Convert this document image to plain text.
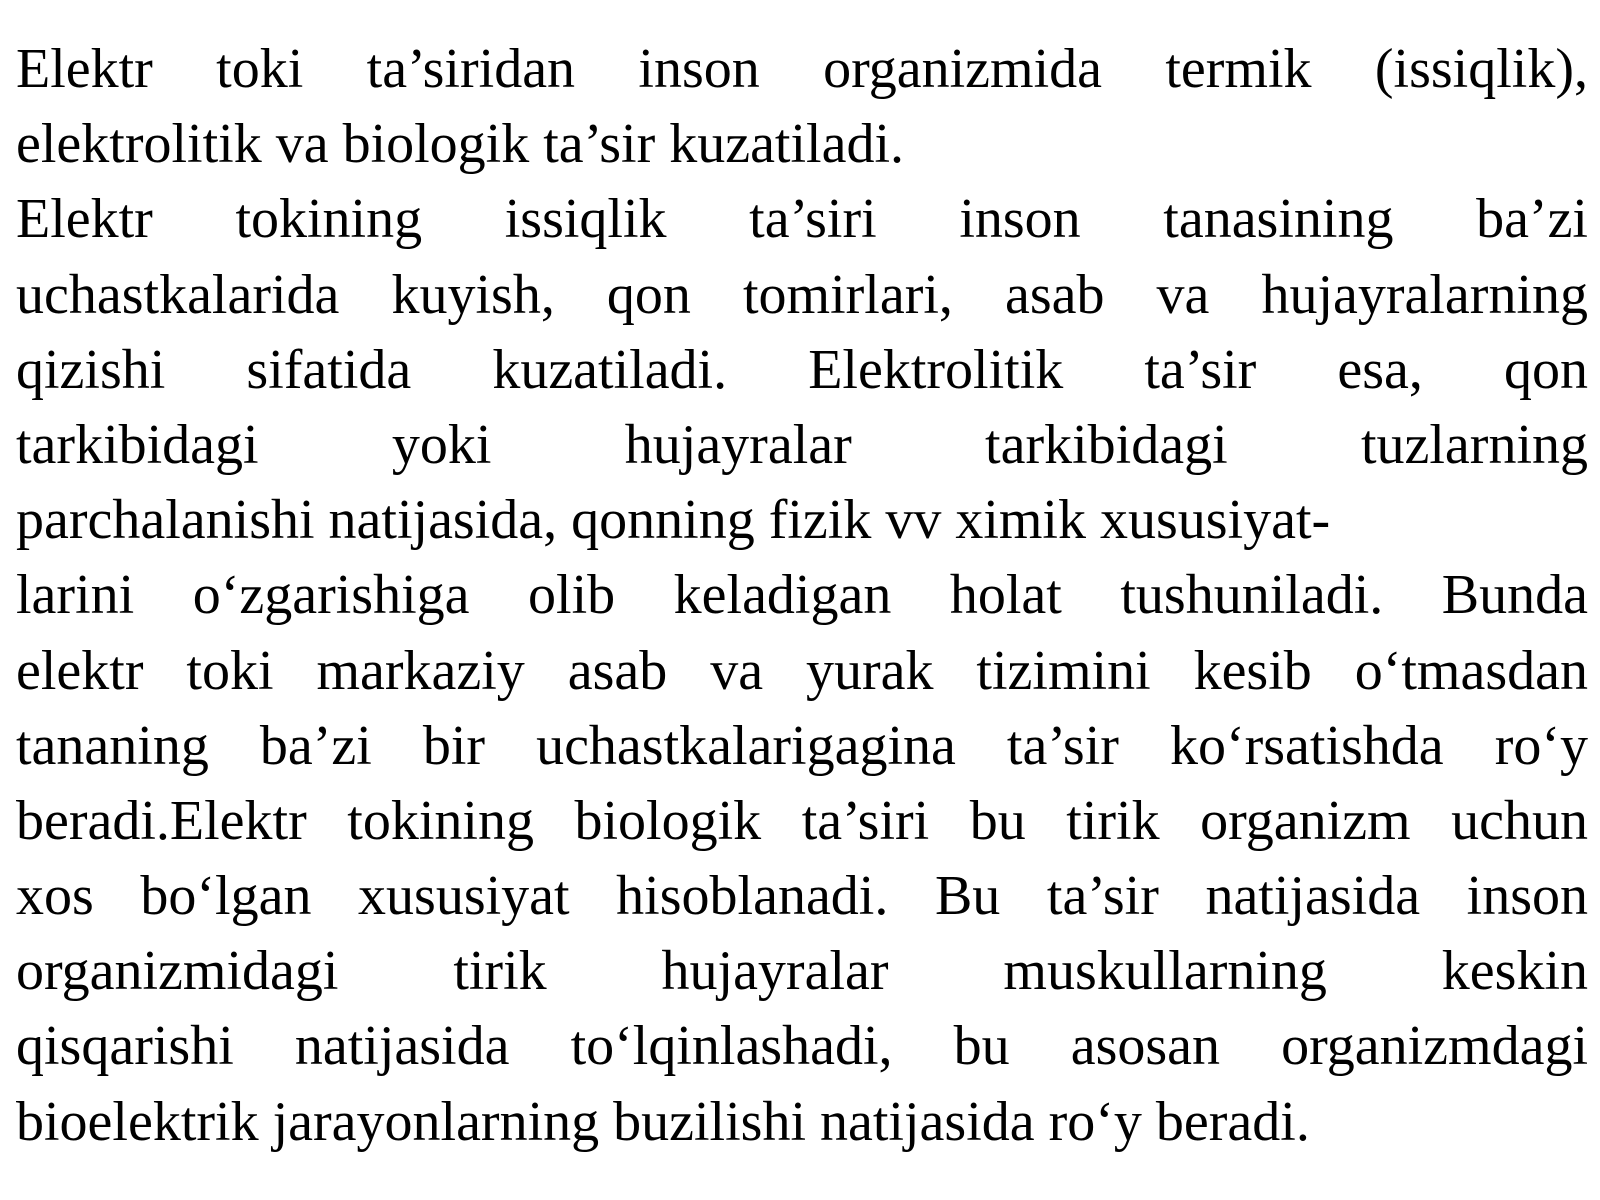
Elektr toki ta’siridan inson organizmida termik (issiqlik),
elektrolitik va biologik ta’sir kuzatiladi.
Elektr tokining issiqlik ta’siri inson tanasining ba’zi
uchastkalarida kuyish, qon tomirlari, asab va hujayralarning
qizishi sifatida kuzatiladi. Elektrolitik ta’sir esa, qon
tarkibidagi yoki hujayralar tarkibidagi tuzlarning
parchalanishi natijasida, qonning fizik vv ximik xususiyat-
larini o‘zgarishiga olib keladigan holat tushuniladi. Bunda
elektr toki markaziy asab va yurak tizimini kesib o‘tmasdan
tananing ba’zi bir uchastkalarigagina ta’sir ko‘rsatishda ro‘y
beradi.Elektr tokining biologik ta’siri bu tirik organizm uchun
xos bo‘lgan xususiyat hisoblanadi. Bu ta’sir natijasida inson
organizmidagi tirik hujayralar muskullarning keskin
qisqarishi natijasida to‘lqinlashadi, bu asosan organizmdagi
bioelektrik jarayonlarning buzilishi natijasida ro‘y beradi.
